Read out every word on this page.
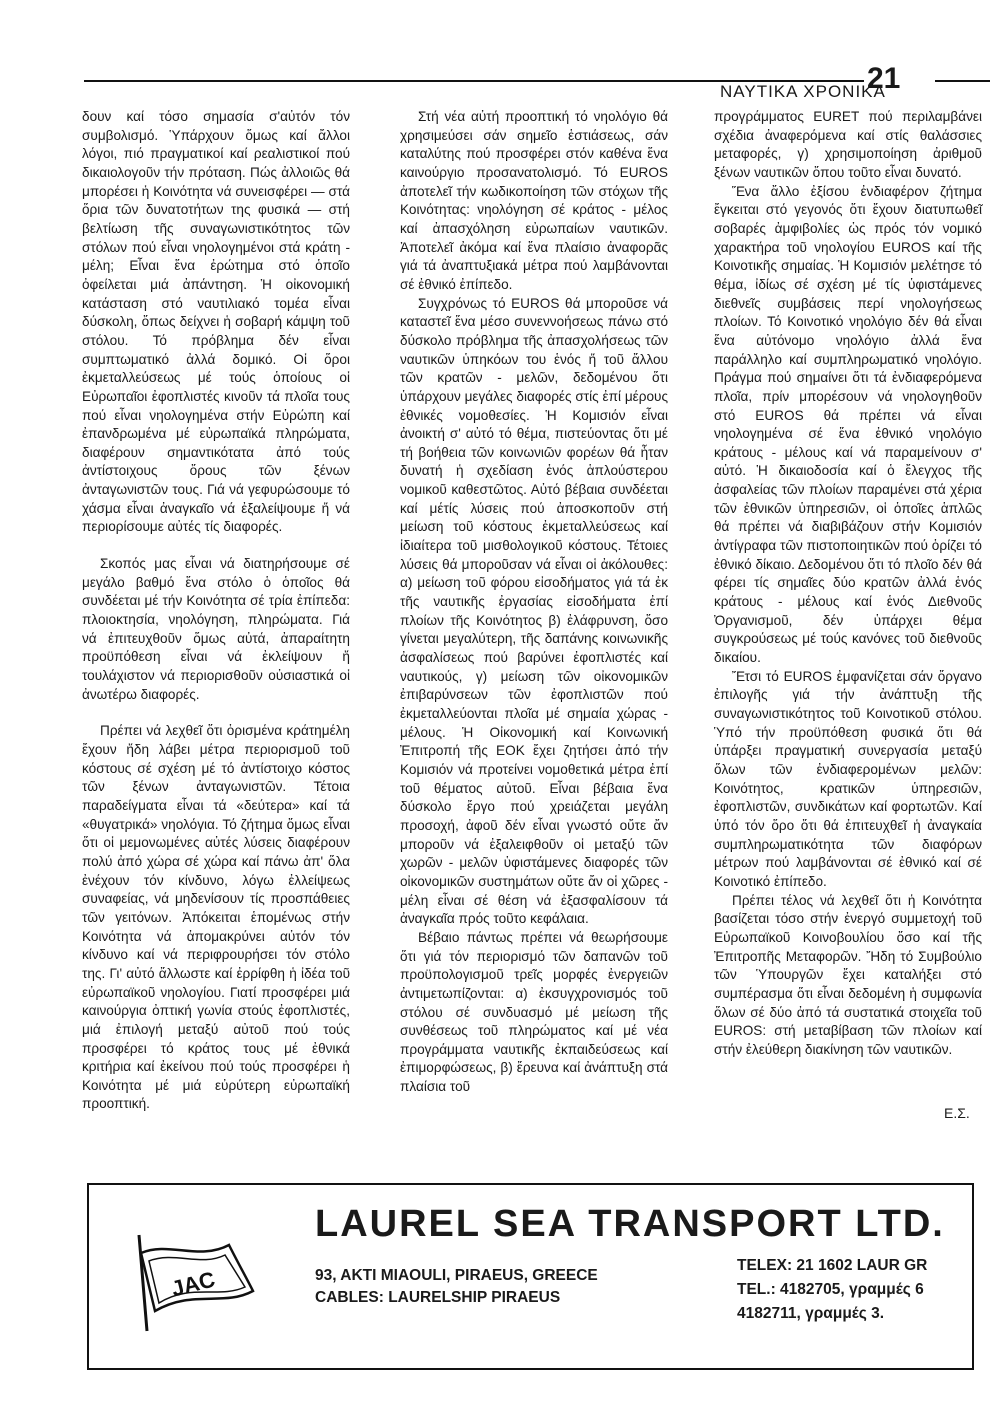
ΝΑΥΤΙΚΑ ΧΡΟΝΙΚΑ
21

δουν καί τόσο σημασία σ'αὐτόν τόν συμβολισμό. Ὑπάρχουν ὅμως καί ἄλλοι λόγοι, πιό πραγματικοί καί ρεαλιστικοί πού δικαιολογοῦν τήν πρόταση. Πώς ἀλλοιῶς θά μπορέσει ἡ Κοινότητα νά συνεισφέρει — στά ὅρια τῶν δυνατοτήτων της φυσικά — στή βελτίωση τῆς συναγωνιστικότητος τῶν στόλων πού εἶναι νηολογημένοι στά κράτη - μέλη; Εἶναι ἕνα ἐρώτημα στό ὁποῖο ὀφείλεται μιά ἀπάντηση. Ἡ οἰκονομική κατάσταση στό ναυτιλιακό τομέα εἶναι δύσκολη, ὅπως δείχνει ἡ σοβαρή κάμψη τοῦ στόλου. Τό πρόβλημα δέν εἶναι συμπτωματικό ἀλλά δομικό. Οἱ ὅροι ἐκμεταλλεύσεως μέ τούς ὁποίους οἱ Εὐρωπαῖοι ἐφοπλιστές κινοῦν τά πλοῖα τους πού εἶναι νηολογημένα στήν Εὐρώπη καί ἐπανδρωμένα μέ εὐρωπαϊκά πληρώματα, διαφέρουν σημαντικότατα ἀπό τούς ἀντίστοιχους ὅρους τῶν ξένων ἀνταγωνιστῶν τους. Γιά νά γεφυρώσουμε τό χάσμα εἶναι ἀναγκαῖο νά ἐξαλείψουμε ἤ νά περιορίσουμε αὐτές τίς διαφορές.

Σκοπός μας εἶναι νά διατηρήσουμε σέ μεγάλο βαθμό ἕνα στόλο ὁ ὁποῖος θά συνδέεται μέ τήν Κοινότητα σέ τρία ἐπίπεδα: πλοιοκτησία, νηολόγηση, πληρώματα. Γιά νά ἐπιτευχθοῦν ὅμως αὐτά, ἀπαραίτητη προϋπόθεση εἶναι νά ἐκλείψουν ἤ τουλάχιστον νά περιορισθοῦν οὐσιαστικά οἱ ἀνωτέρω διαφορές.

Πρέπει νά λεχθεῖ ὅτι ὁρισμένα κράτημέλη ἔχουν ἤδη λάβει μέτρα περιορισμοῦ τοῦ κόστους σέ σχέση μέ τό ἀντίστοιχο κόστος τῶν ξένων ἀνταγωνιστῶν. Τέτοια παραδείγματα εἶναι τά «δεύτερα» καί τά «θυγατρικά» νηολόγια. Τό ζήτημα ὅμως εἶναι ὅτι οἱ μεμονωμένες αὐτές λύσεις διαφέρουν πολύ ἀπό χώρα σέ χώρα καί πάνω ἀπ' ὅλα ἐνέχουν τόν κίνδυνο, λόγω ἐλλείψεως συναφείας, νά μηδενίσουν τίς προσπάθειες τῶν γειτόνων. Ἀπόκειται ἑπομένως στήν Κοινότητα νά ἀπομακρύνει αὐτόν τόν κίνδυνο καί νά περιφρουρήσει τόν στόλο της. Γι' αὐτό ἄλλωστε καί ἐρρίφθη ἡ ἰδέα τοῦ εὐρωπαϊκοῦ νηολογίου. Γιατί προσφέρει μιά καινούργια ὀπτική γωνία στούς ἐφοπλιστές, μιά ἐπιλογή μεταξύ αὐτοῦ πού τούς προσφέρει τό κράτος τους μέ ἐθνικά κριτήρια καί ἐκείνου πού τούς προσφέρει ἡ Κοινότητα μέ μιά εὐρύτερη εὐρωπαϊκή προοπτική.

Στή νέα αὐτή προοπτική τό νηολόγιο θά χρησιμεύσει σάν σημεῖο ἑστιάσεως, σάν καταλύτης πού προσφέρει στόν καθένα ἕνα καινούργιο προσανατολισμό. Τό EUROS ἀποτελεῖ τήν κωδικοποίηση τῶν στόχων τῆς Κοινότητας: νηολόγηση σέ κράτος - μέλος καί ἀπασχόληση εὐρωπαίων ναυτικῶν. Ἀποτελεῖ ἀκόμα καί ἕνα πλαίσιο ἀναφορᾶς γιά τά ἀναπτυξιακά μέτρα πού λαμβάνονται σέ ἐθνικό ἐπίπεδο.

Συγχρόνως τό EUROS θά μποροῦσε νά καταστεῖ ἕνα μέσο συνεννοήσεως πάνω στό δύσκολο πρόβλημα τῆς ἀπασχολήσεως τῶν ναυτικῶν ὑπηκόων του ἑνός ἤ τοῦ ἄλλου τῶν κρατῶν - μελῶν, δεδομένου ὅτι ὑπάρχουν μεγάλες διαφορές στίς ἐπί μέρους ἐθνικές νομοθεσίες. Ἡ Κομισιόν εἶναι ἀνοικτή σ' αὐτό τό θέμα, πιστεύοντας ὅτι μέ τή βοήθεια τῶν κοινωνιῶν φορέων θά ἦταν δυνατή ἡ σχεδίαση ἑνός ἁπλούστερου νομικοῦ καθεστῶτος. Αὐτό βέβαια συνδέεται καί μέτίς λύσεις πού ἀποσκοποῦν στή μείωση τοῦ κόστους ἐκμεταλλεύσεως καί ἰδιαίτερα τοῦ μισθολογικοῦ κόστους. Τέτοιες λύσεις θά μποροῦσαν νά εἶναι οἱ ἀκόλουθες: α) μείωση τοῦ φόρου εἰσοδήματος γιά τά ἐκ τῆς ναυτικῆς ἐργασίας εἰσοδήματα ἐπί πλοίων τῆς Κοινότητος β) ἐλάφρυνση, ὅσο γίνεται μεγαλύτερη, τῆς δαπάνης κοινωνικῆς ἀσφαλίσεως πού βαρύνει ἐφοπλιστές καί ναυτικούς, γ) μείωση τῶν οἰκονομικῶν ἐπιβαρύνσεων τῶν ἐφοπλιστῶν πού ἐκμεταλλεύονται πλοῖα μέ σημαία χώρας - μέλους. Ἡ Οἰκονομική καί Κοινωνική Ἐπιτροπή τῆς ΕΟΚ ἔχει ζητήσει ἀπό τήν Κομισιόν νά προτείνει νομοθετικά μέτρα ἐπί τοῦ θέματος αὐτοῦ. Εἶναι βέβαια ἕνα δύσκολο ἔργο πού χρειάζεται μεγάλη προσοχή, ἀφοῦ δέν εἶναι γνωστό οὔτε ἄν μποροῦν νά ἐξαλειφθοῦν οἱ μεταξύ τῶν χωρῶν - μελῶν ὑφιστάμενες διαφορές τῶν οἰκονομικῶν συστημάτων οὔτε ἄν οἱ χῶρες - μέλη εἶναι σέ θέση νά ἐξασφαλίσουν τά ἀναγκαῖα πρός τοῦτο κεφάλαια.

Βέβαιο πάντως πρέπει νά θεωρήσουμε ὅτι γιά τόν περιορισμό τῶν δαπανῶν τοῦ προϋπολογισμοῦ τρεῖς μορφές ἐνεργειῶν ἀντιμετωπίζονται: α) ἐκσυγχρονισμός τοῦ στόλου σέ συνδυασμό μέ μείωση τῆς συνθέσεως τοῦ πληρώματος καί μέ νέα προγράμματα ναυτικῆς ἐκπαιδεύσεως καί ἐπιμορφώσεως, β) ἔρευνα καί ἀνάπτυξη στά πλαίσια τοῦ

προγράμματος EURET πού περιλαμβάνει σχέδια ἀναφερόμενα καί στίς θαλάσσιες μεταφορές, γ) χρησιμοποίηση ἀριθμοῦ ξένων ναυτικῶν ὅπου τοῦτο εἶναι δυνατό.

Ἕνα ἄλλο ἐξίσου ἐνδιαφέρον ζήτημα ἔγκειται στό γεγονός ὅτι ἔχουν διατυπωθεῖ σοβαρές ἀμφιβολίες ὡς πρός τόν νομικό χαρακτήρα τοῦ νηολογίου EUROS καί τῆς Κοινοτικῆς σημαίας. Ἡ Κομισιόν μελέτησε τό θέμα, ἰδίως σέ σχέση μέ τίς ὑφιστάμενες διεθνεῖς συμβάσεις περί νηολογήσεως πλοίων. Τό Κοινοτικό νηολόγιο δέν θά εἶναι ἕνα αὐτόνομο νηολόγιο ἀλλά ἕνα παράλληλο καί συμπληρωματικό νηολόγιο. Πράγμα πού σημαίνει ὅτι τά ἐνδιαφερόμενα πλοῖα, πρίν μπορέσουν νά νηολογηθοῦν στό EUROS θά πρέπει νά εἶναι νηολογημένα σέ ἕνα ἐθνικό νηολόγιο κράτους - μέλους καί νά παραμείνουν σ' αὐτό. Ἡ δικαιοδοσία καί ὁ ἔλεγχος τῆς ἀσφαλείας τῶν πλοίων παραμένει στά χέρια τῶν ἐθνικῶν ὑπηρεσιῶν, οἱ ὁποῖες ἁπλῶς θά πρέπει νά διαβιβάζουν στήν Κομισιόν ἀντίγραφα τῶν πιστοποιητικῶν πού ὁρίζει τό ἐθνικό δίκαιο. Δεδομένου ὅτι τό πλοῖο δέν θά φέρει τίς σημαῖες δύο κρατῶν ἀλλά ἑνός κράτους - μέλους καί ἑνός Διεθνοῦς Ὀργανισμοῦ, δέν ὑπάρχει θέμα συγκρούσεως μέ τούς κανόνες τοῦ διεθνοῦς δικαίου.

Ἔτσι τό EUROS ἐμφανίζεται σάν ὄργανο ἐπιλογῆς γιά τήν ἀνάπτυξη τῆς συναγωνιστικότητος τοῦ Κοινοτικοῦ στόλου. Ὑπό τήν προϋπόθεση φυσικά ὅτι θά ὑπάρξει πραγματική συνεργασία μεταξύ ὅλων τῶν ἐνδιαφερομένων μελῶν: Κοινότητος, κρατικῶν ὑπηρεσιῶν, ἐφοπλιστῶν, συνδικάτων καί φορτωτῶν. Καί ὑπό τόν ὅρο ὅτι θά ἐπιτευχθεῖ ἡ ἀναγκαία συμπληρωματικότητα τῶν διαφόρων μέτρων πού λαμβάνονται σέ ἐθνικό καί σέ Κοινοτικό ἐπίπεδο.

Πρέπει τέλος νά λεχθεῖ ὅτι ἡ Κοινότητα βασίζεται τόσο στήν ἐνεργό συμμετοχή τοῦ Εὐρωπαϊκοῦ Κοινοβουλίου ὅσο καί τῆς Ἐπιτροπῆς Μεταφορῶν. Ἤδη τό Συμβούλιο τῶν Ὑπουργῶν ἔχει καταλήξει στό συμπέρασμα ὅτι εἶναι δεδομένη ἡ συμφωνία ὅλων σέ δύο ἀπό τά συστατικά στοιχεῖα τοῦ EUROS: στή μεταβίβαση τῶν πλοίων καί στήν ἐλεύθερη διακίνηση τῶν ναυτικῶν.

Ε.Σ.
LAUREL SEA TRANSPORT LTD.
JAC	93, AKTI MIAOULI, PIRAEUS, GREECE
CABLES: LAURELSHIP PIRAEUS
TELEX: 21 1602 LAUR GR
TEL.: 4182705, γραμμές 6
4182711, γραμμές 3.
